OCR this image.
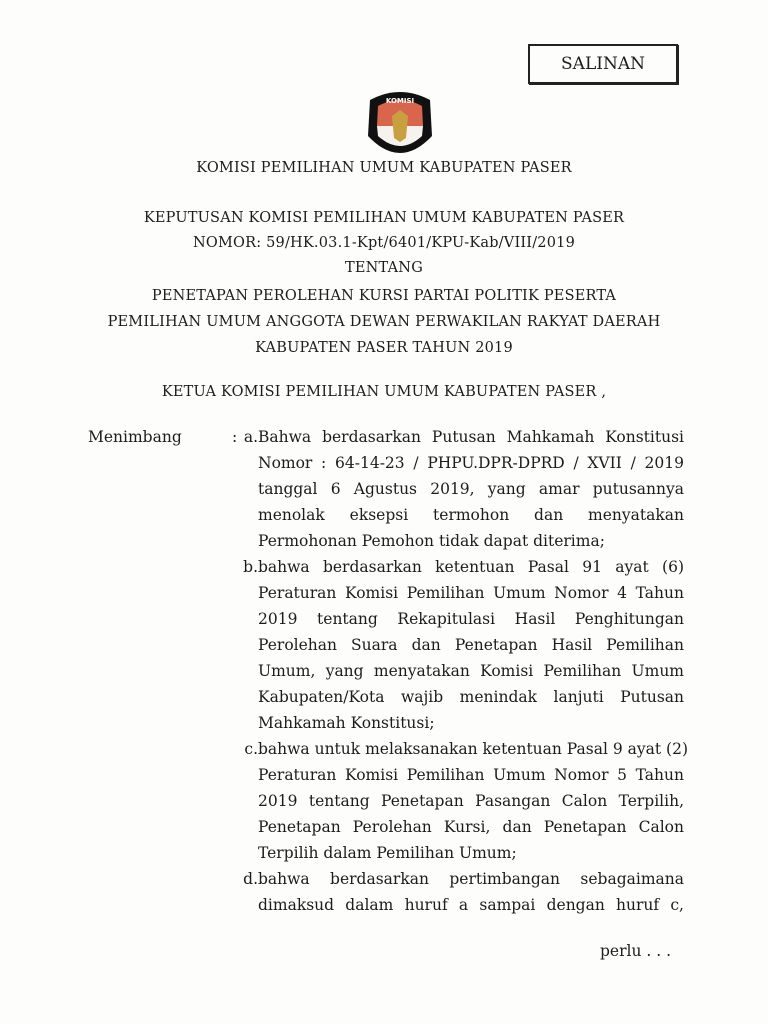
SALINAN
KOMISI
KOMISI PEMILIHAN UMUM KABUPATEN PASER
KEPUTUSAN KOMISI PEMILIHAN UMUM KABUPATEN PASER
NOMOR: 59/HK.03.1-Kpt/6401/KPU-Kab/VIII/2019
TENTANG
PENETAPAN PEROLEHAN KURSI PARTAI POLITIK PESERTA
PEMILIHAN UMUM ANGGOTA DEWAN PERWAKILAN RAKYAT DAERAH
KABUPATEN PASER TAHUN 2019
KETUA KOMISI PEMILIHAN UMUM KABUPATEN PASER ,
Menimbang	: a. Bahwa berdasarkan Putusan Mahkamah Konstitusi
Nomor : 64-14-23 / PHPU.DPR-DPRD / XVII / 2019
tanggal 6 Agustus 2019, yang amar putusannya
menolak eksepsi termohon dan menyatakan
Permohonan Pemohon tidak dapat diterima;
b. bahwa berdasarkan ketentuan Pasal 91 ayat (6)
Peraturan Komisi Pemilihan Umum Nomor 4 Tahun
2019 tentang Rekapitulasi Hasil Penghitungan
Perolehan Suara dan Penetapan Hasil Pemilihan
Umum, yang menyatakan Komisi Pemilihan Umum
Kabupaten/Kota wajib menindak lanjuti Putusan
Mahkamah Konstitusi;
c. bahwa untuk melaksanakan ketentuan Pasal 9 ayat (2)
Peraturan Komisi Pemilihan Umum Nomor 5 Tahun
2019 tentang Penetapan Pasangan Calon Terpilih,
Penetapan Perolehan Kursi, dan Penetapan Calon
Terpilih dalam Pemilihan Umum;
d. bahwa berdasarkan pertimbangan sebagaimana
dimaksud dalam huruf a sampai dengan huruf c,
perlu . . .
